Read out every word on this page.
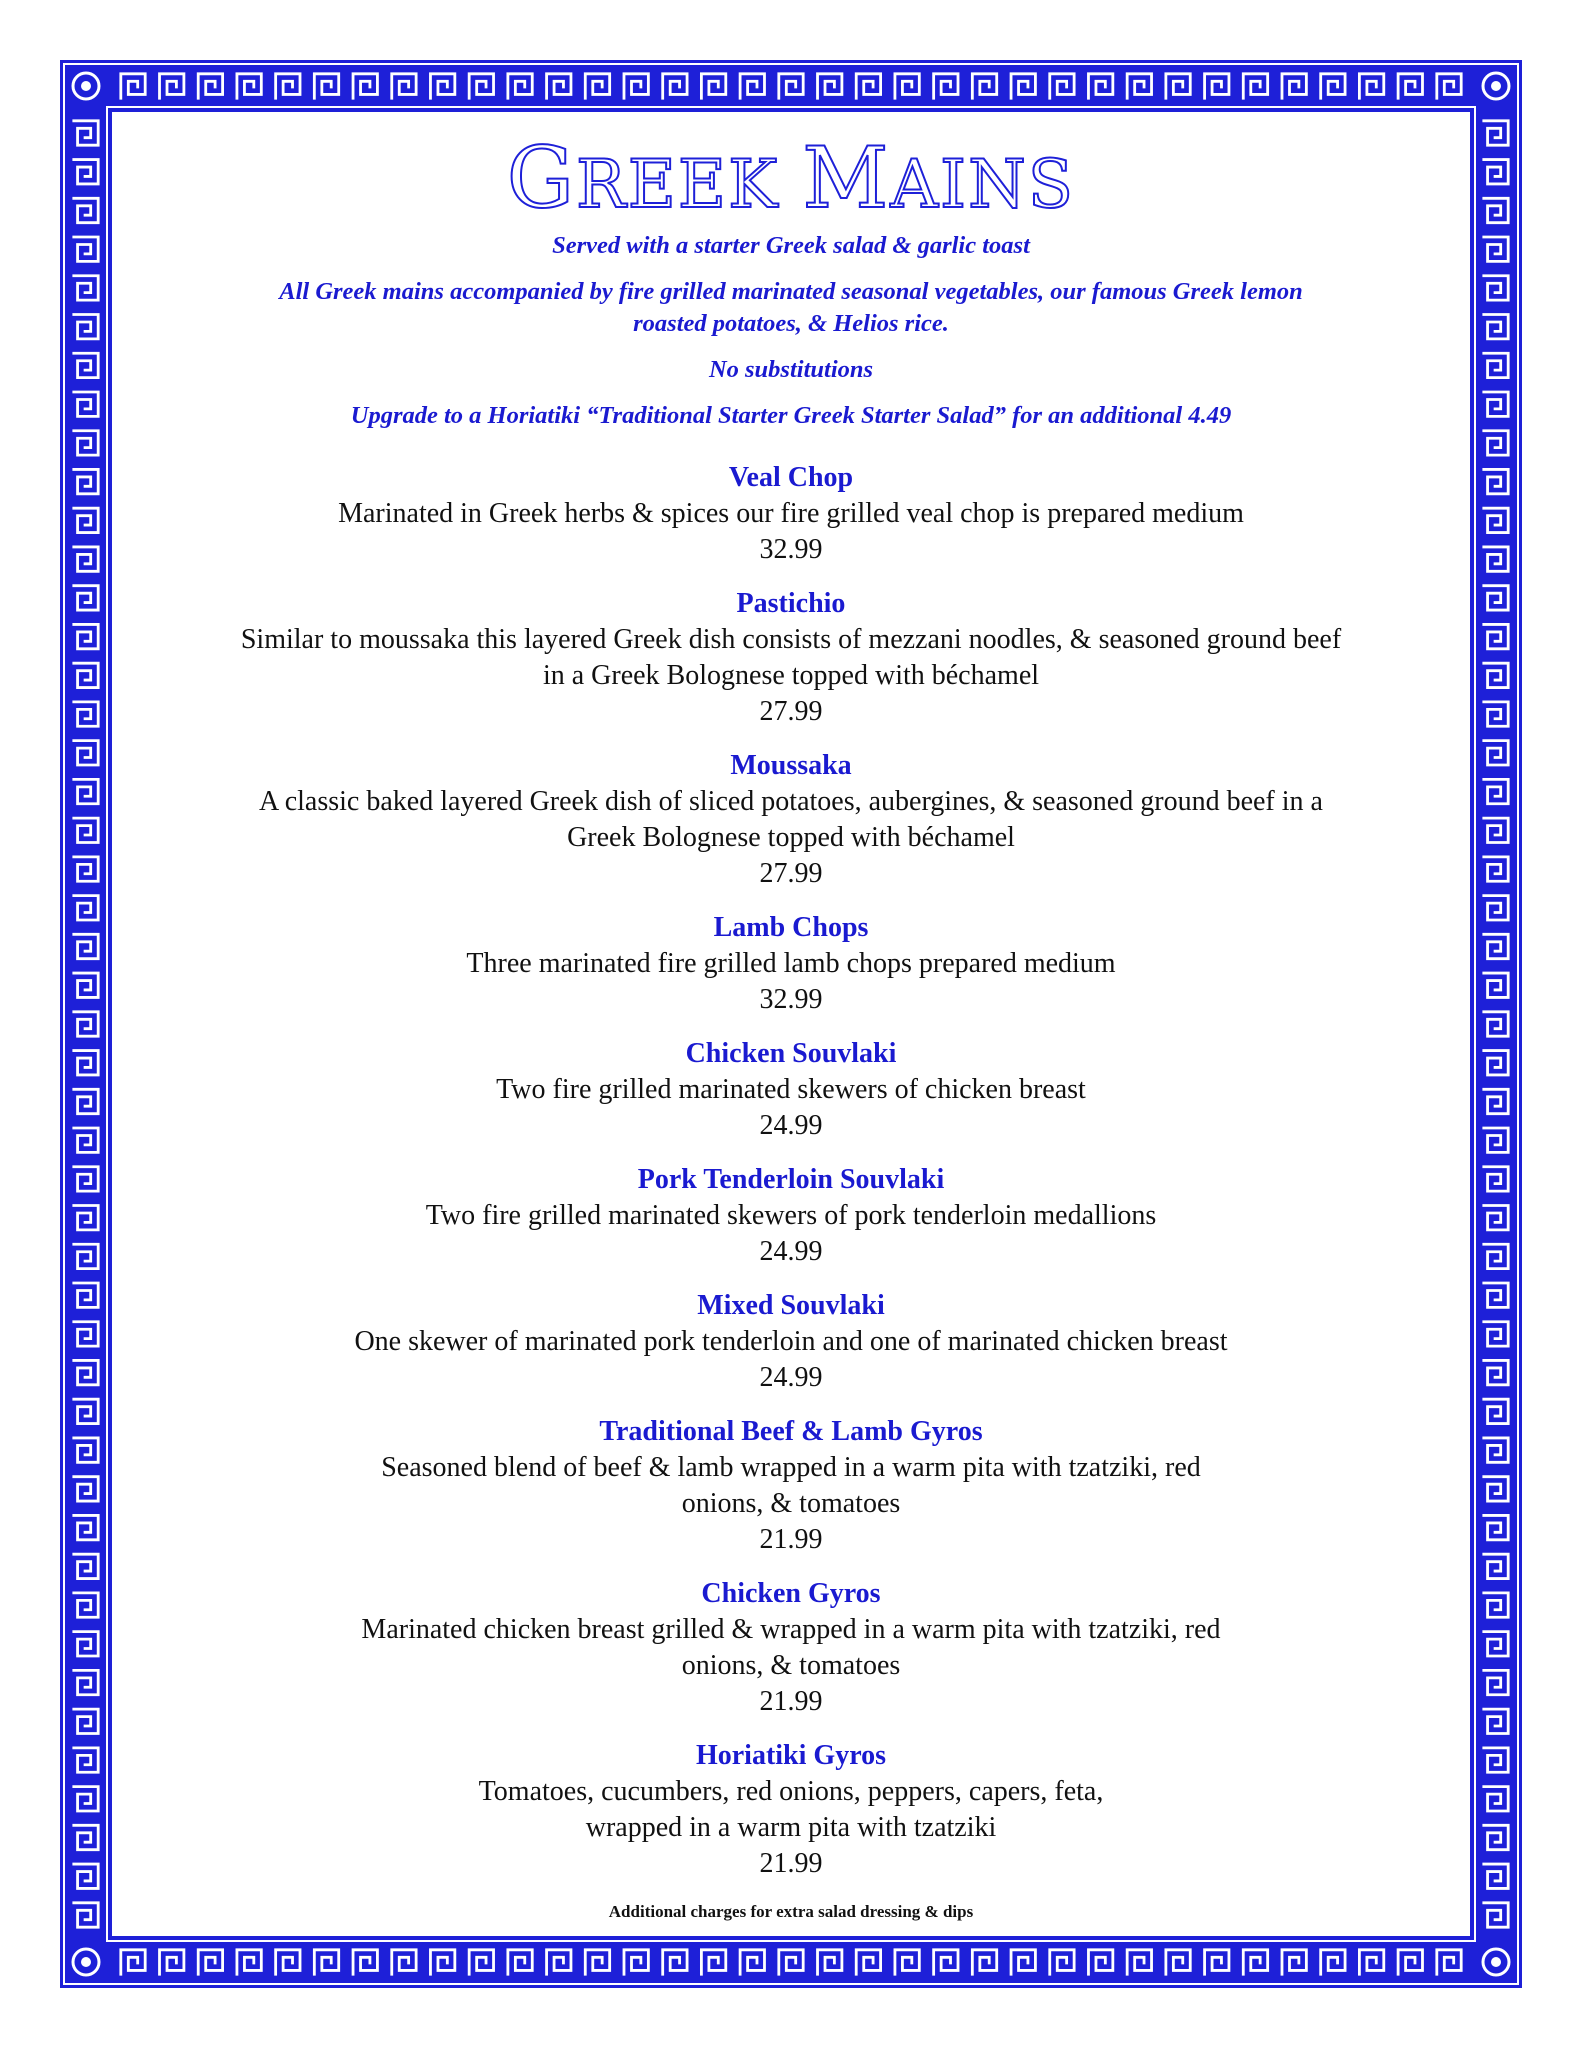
GREEK MAINS

Served with a starter Greek salad & garlic toast

All Greek mains accompanied by fire grilled marinated seasonal vegetables, our famous Greek lemon roasted potatoes, & Helios rice.

No substitutions

Upgrade to a Horiatiki “Traditional Starter Greek Starter Salad” for an additional 4.49

Veal Chop
Marinated in Greek herbs & spices our fire grilled veal chop is prepared medium
32.99
Pastichio
Similar to moussaka this layered Greek dish consists of mezzani noodles, & seasoned ground beef in a Greek Bolognese topped with béchamel
27.99
Moussaka
A classic baked layered Greek dish of sliced potatoes, aubergines, & seasoned ground beef in a Greek Bolognese topped with béchamel
27.99
Lamb Chops
Three marinated fire grilled lamb chops prepared medium
32.99
Chicken Souvlaki
Two fire grilled marinated skewers of chicken breast
24.99
Pork Tenderloin Souvlaki
Two fire grilled marinated skewers of pork tenderloin medallions
24.99
Mixed Souvlaki
One skewer of marinated pork tenderloin and one of marinated chicken breast
24.99
Traditional Beef & Lamb Gyros
Seasoned blend of beef & lamb wrapped in a warm pita with tzatziki, red onions, & tomatoes
21.99
Chicken Gyros
Marinated chicken breast grilled & wrapped in a warm pita with tzatziki, red onions, & tomatoes
21.99
Horiatiki Gyros
Tomatoes, cucumbers, red onions, peppers, capers, feta, wrapped in a warm pita with tzatziki
21.99
Additional charges for extra salad dressing & dips
